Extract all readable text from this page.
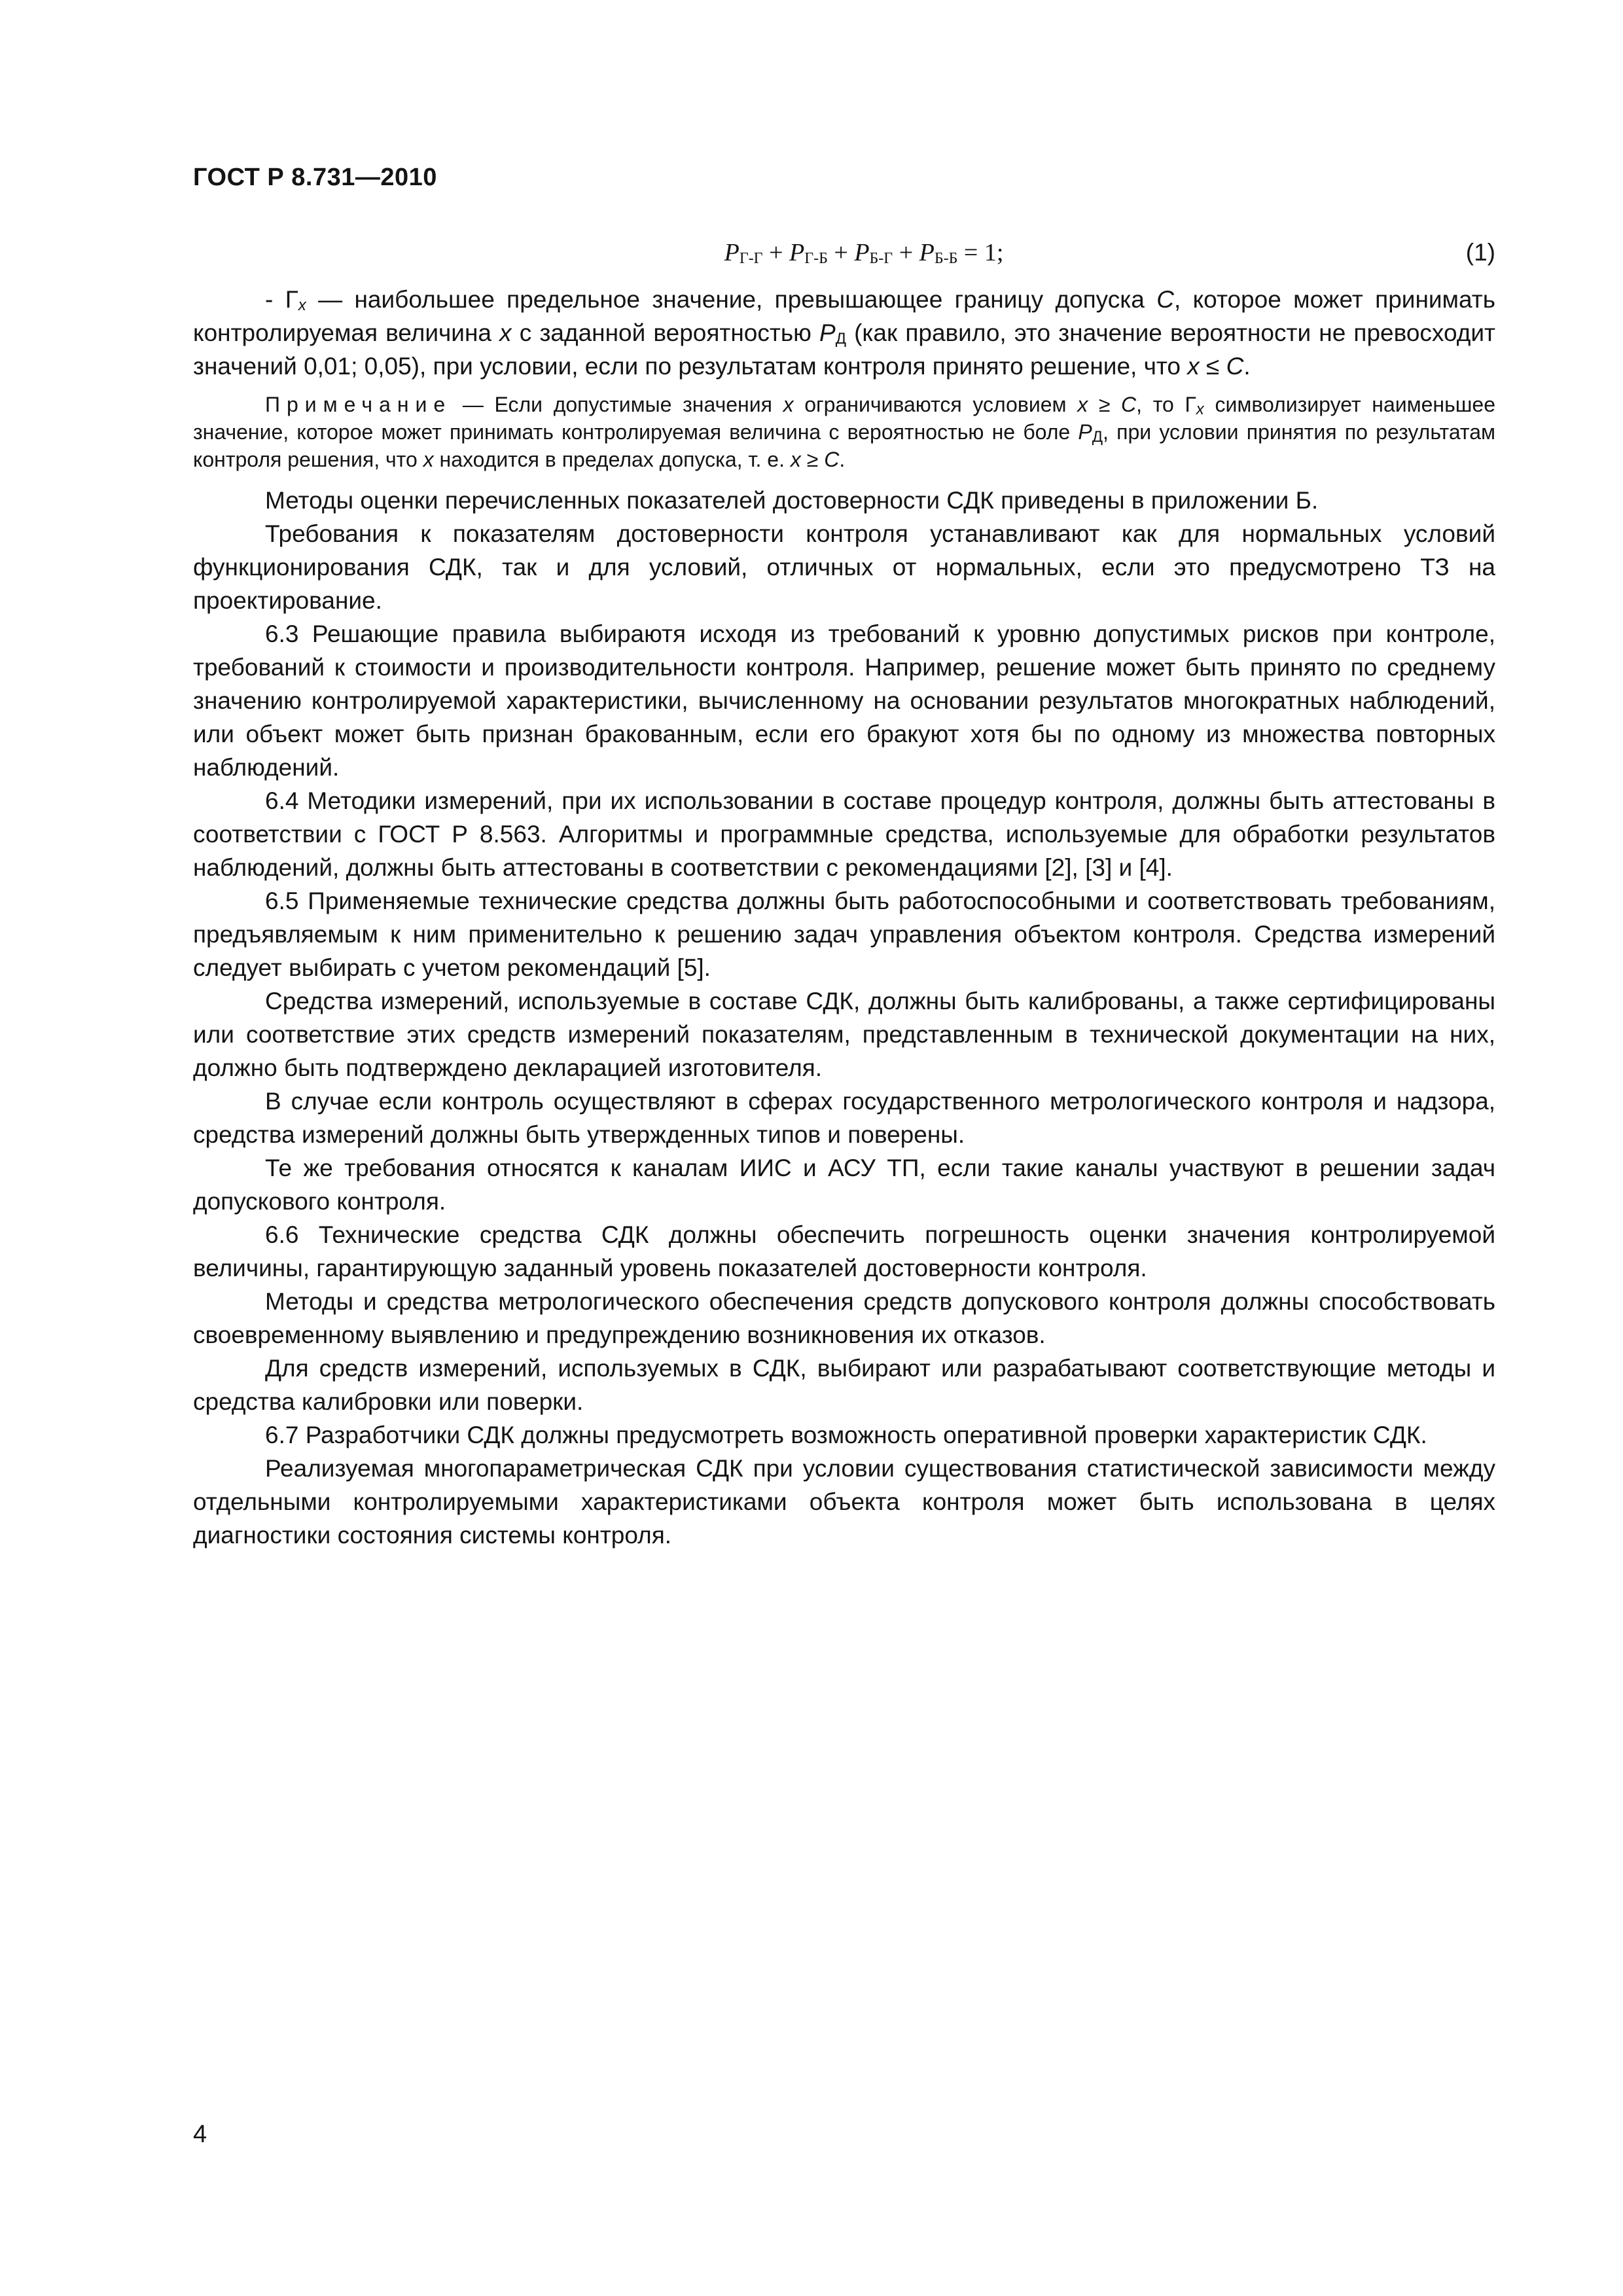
ГОСТ Р 8.731—2010
$Р_{Г-Г} + Р_{Г-Б} + Р_{Б-Г} + Р_{Б-Б} = 1$;	(1)

- $Г_x$ — наибольшее предельное значение, превышающее границу допуска С, которое может принимать контролируемая величина х с заданной вероятностью $Р_Д$ (как правило, это значение вероятности не превосходит значений 0,01; 0,05), при условии, если по результатам контроля принято решение, что х ≤ С.

Примечание — Если допустимые значения х ограничиваются условием х ≥ С, то $Г_x$ символизирует наименьшее значение, которое может принимать контролируемая величина с вероятностью не боле $Р_Д$, при условии принятия по результатам контроля решения, что х находится в пределах допуска, т. е. х ≥ С.

Методы оценки перечисленных показателей достоверности СДК приведены в приложении Б.

Требования к показателям достоверности контроля устанавливают как для нормальных условий функционирования СДК, так и для условий, отличных от нормальных, если это предусмотрено ТЗ на проектирование.

6.3 Решающие правила выбираютя исходя из требований к уровню допустимых рисков при контроле, требований к стоимости и производительности контроля. Например, решение может быть принято по среднему значению контролируемой характеристики, вычисленному на основании результатов многократных наблюдений, или объект может быть признан бракованным, если его бракуют хотя бы по одному из множества повторных наблюдений.

6.4 Методики измерений, при их использовании в составе процедур контроля, должны быть аттестованы в соответствии с ГОСТ Р 8.563. Алгоритмы и программные средства, используемые для обработки результатов наблюдений, должны быть аттестованы в соответствии с рекомендациями [2], [3] и [4].

6.5 Применяемые технические средства должны быть работоспособными и соответствовать требованиям, предъявляемым к ним применительно к решению задач управления объектом контроля. Средства измерений следует выбирать с учетом рекомендаций [5].

Средства измерений, используемые в составе СДК, должны быть калиброваны, а также сертифицированы или соответствие этих средств измерений показателям, представленным в технической документации на них, должно быть подтверждено декларацией изготовителя.

В случае если контроль осуществляют в сферах государственного метрологического контроля и надзора, средства измерений должны быть утвержденных типов и поверены.

Те же требования относятся к каналам ИИС и АСУ ТП, если такие каналы участвуют в решении задач допускового контроля.

6.6 Технические средства СДК должны обеспечить погрешность оценки значения контролируемой величины, гарантирующую заданный уровень показателей достоверности контроля.

Методы и средства метрологического обеспечения средств допускового контроля должны способствовать своевременному выявлению и предупреждению возникновения их отказов.

Для средств измерений, используемых в СДК, выбирают или разрабатывают соответствующие методы и средства калибровки или поверки.

6.7 Разработчики СДК должны предусмотреть возможность оперативной проверки характеристик СДК.

Реализуемая многопараметрическая СДК при условии существования статистической зависимости между отдельными контролируемыми характеристиками объекта контроля может быть использована в целях диагностики состояния системы контроля.

4
